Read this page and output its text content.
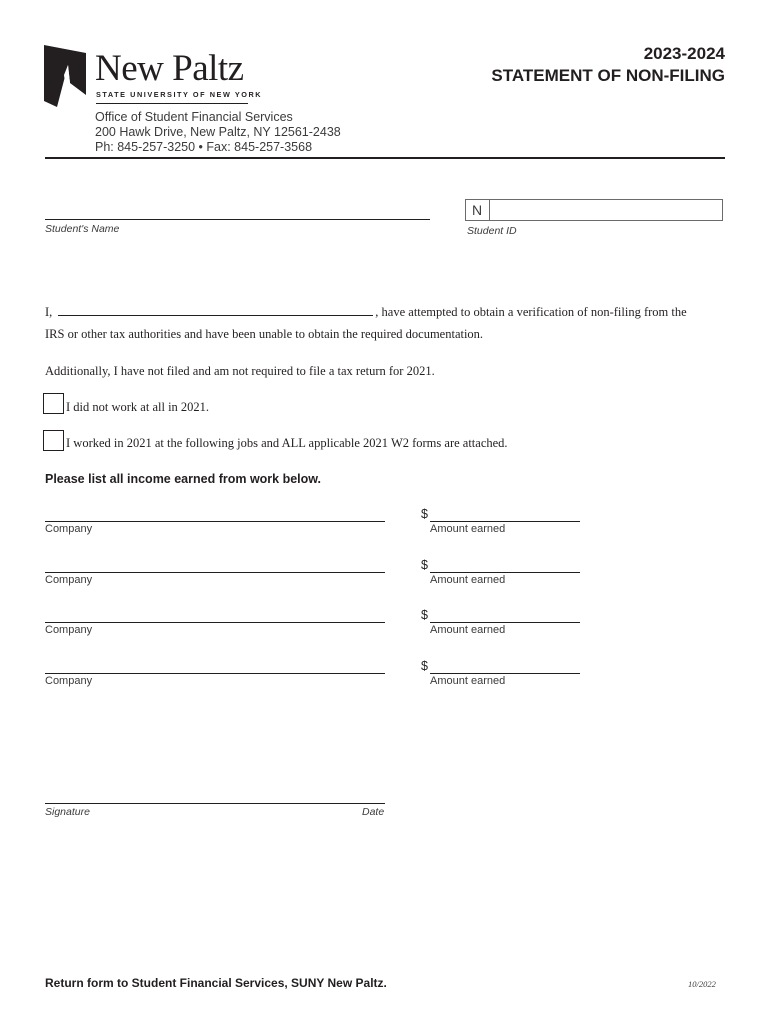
New Paltz
STATE UNIVERSITY OF NEW YORK
Office of Student Financial Services
200 Hawk Drive, New Paltz, NY 12561-2438
Ph: 845-257-3250 • Fax: 845-257-3568
2023-2024
STATEMENT OF NON-FILING
Student's Name
N
Student ID
I,	, have attempted to obtain a verification of non-filing from the
IRS or other tax authorities and have been unable to obtain the required documentation.
Additionally, I have not filed and am not required to file a tax return for 2021.
I did not work at all in 2021.
I worked in 2021 at the following jobs and ALL applicable 2021 W2 forms are attached.
Please list all income earned from work below.
Company
$
Amount earned
Company
$
Amount earned
Company
$
Amount earned
Company
$
Amount earned
Signature	Date
Return form to Student Financial Services, SUNY New Paltz.	10/2022
